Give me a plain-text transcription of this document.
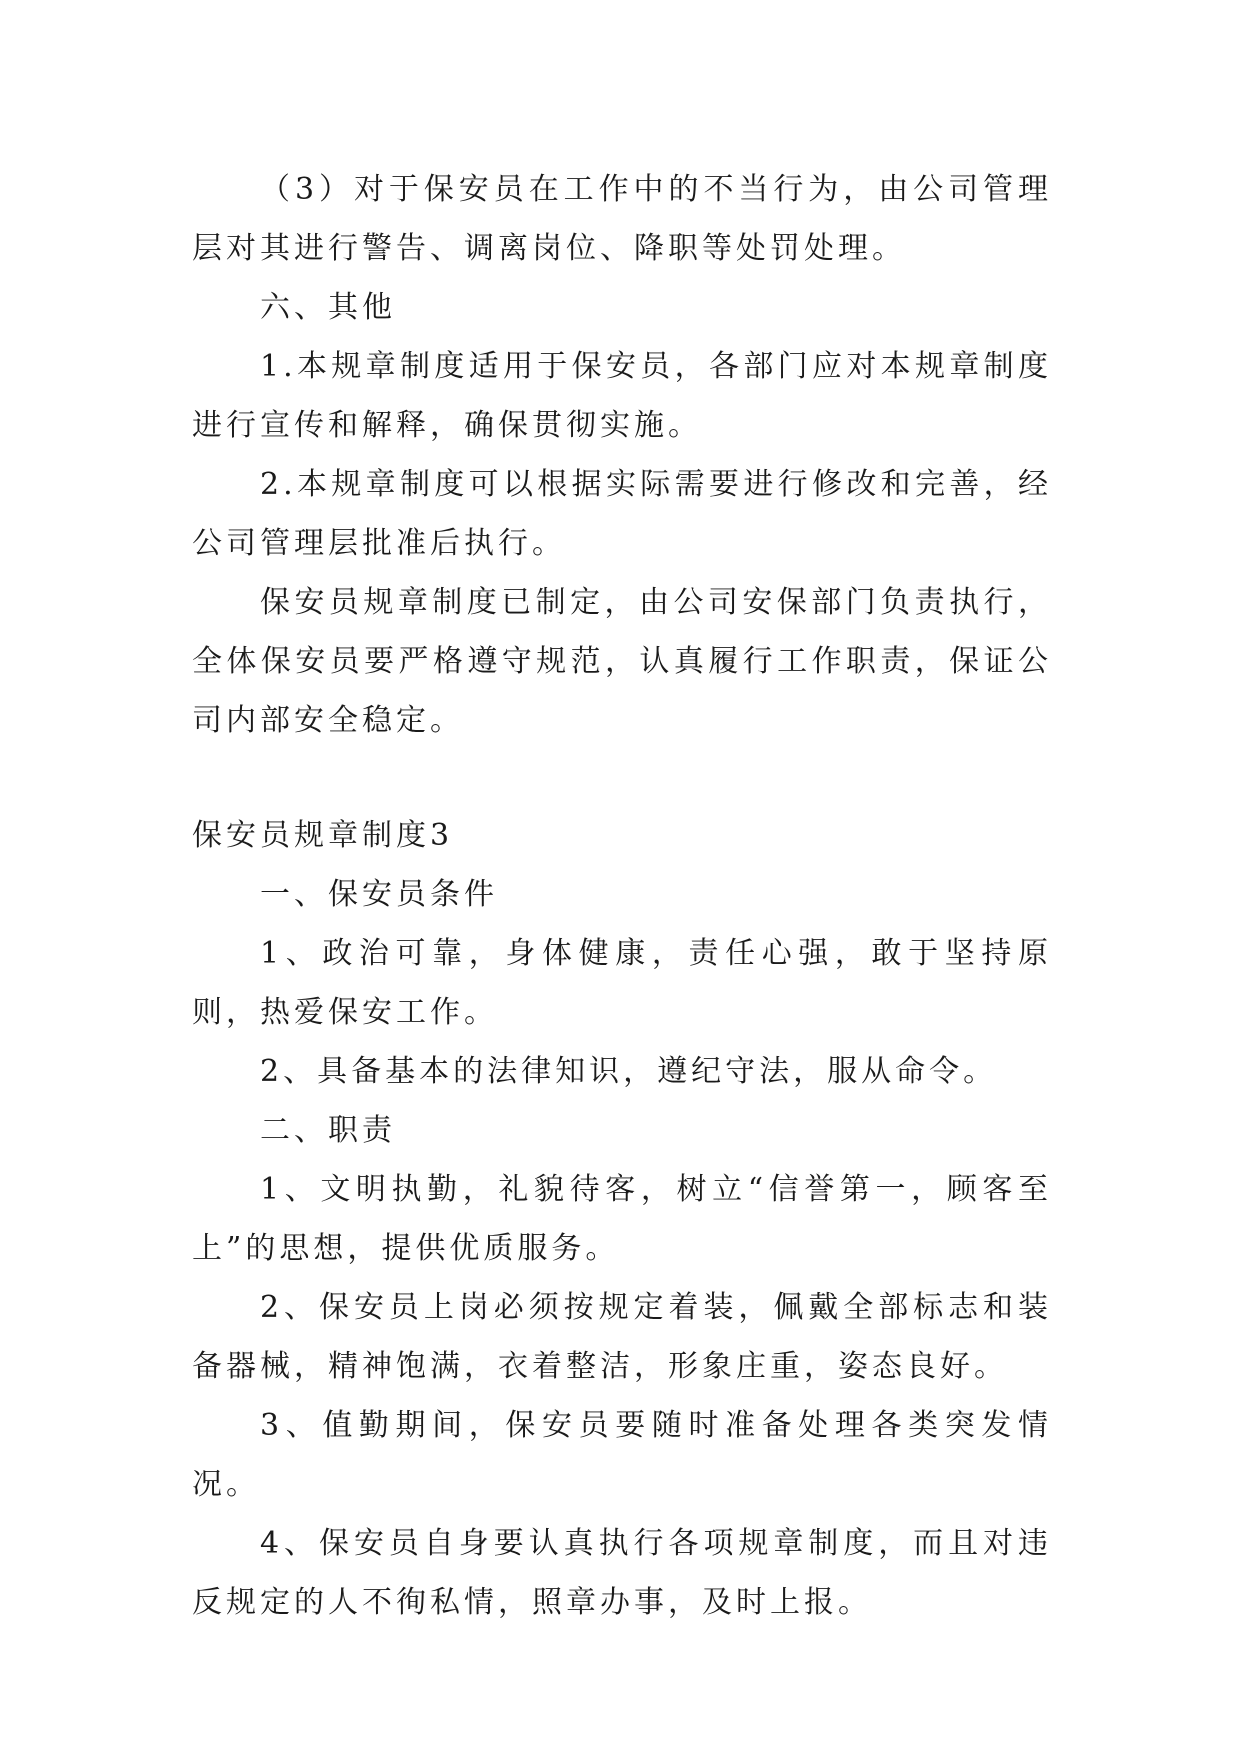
（3）对于保安员在工作中的不当行为，由公司管理层对其进行警告、调离岗位、降职等处罚处理。

六、其他

1.本规章制度适用于保安员，各部门应对本规章制度进行宣传和解释，确保贯彻实施。

2.本规章制度可以根据实际需要进行修改和完善，经公司管理层批准后执行。

保安员规章制度已制定，由公司安保部门负责执行，全体保安员要严格遵守规范，认真履行工作职责，保证公司内部安全稳定。

保安员规章制度3

一、保安员条件

1、政治可靠，身体健康，责任心强，敢于坚持原则，热爱保安工作。

2、具备基本的法律知识，遵纪守法，服从命令。

二、职责

1、文明执勤，礼貌待客，树立“信誉第一，顾客至上”的思想，提供优质服务。

2、保安员上岗必须按规定着装，佩戴全部标志和装备器械，精神饱满，衣着整洁，形象庄重，姿态良好。

3、值勤期间，保安员要随时准备处理各类突发情况。

4、保安员自身要认真执行各项规章制度，而且对违反规定的人不徇私情，照章办事，及时上报。
